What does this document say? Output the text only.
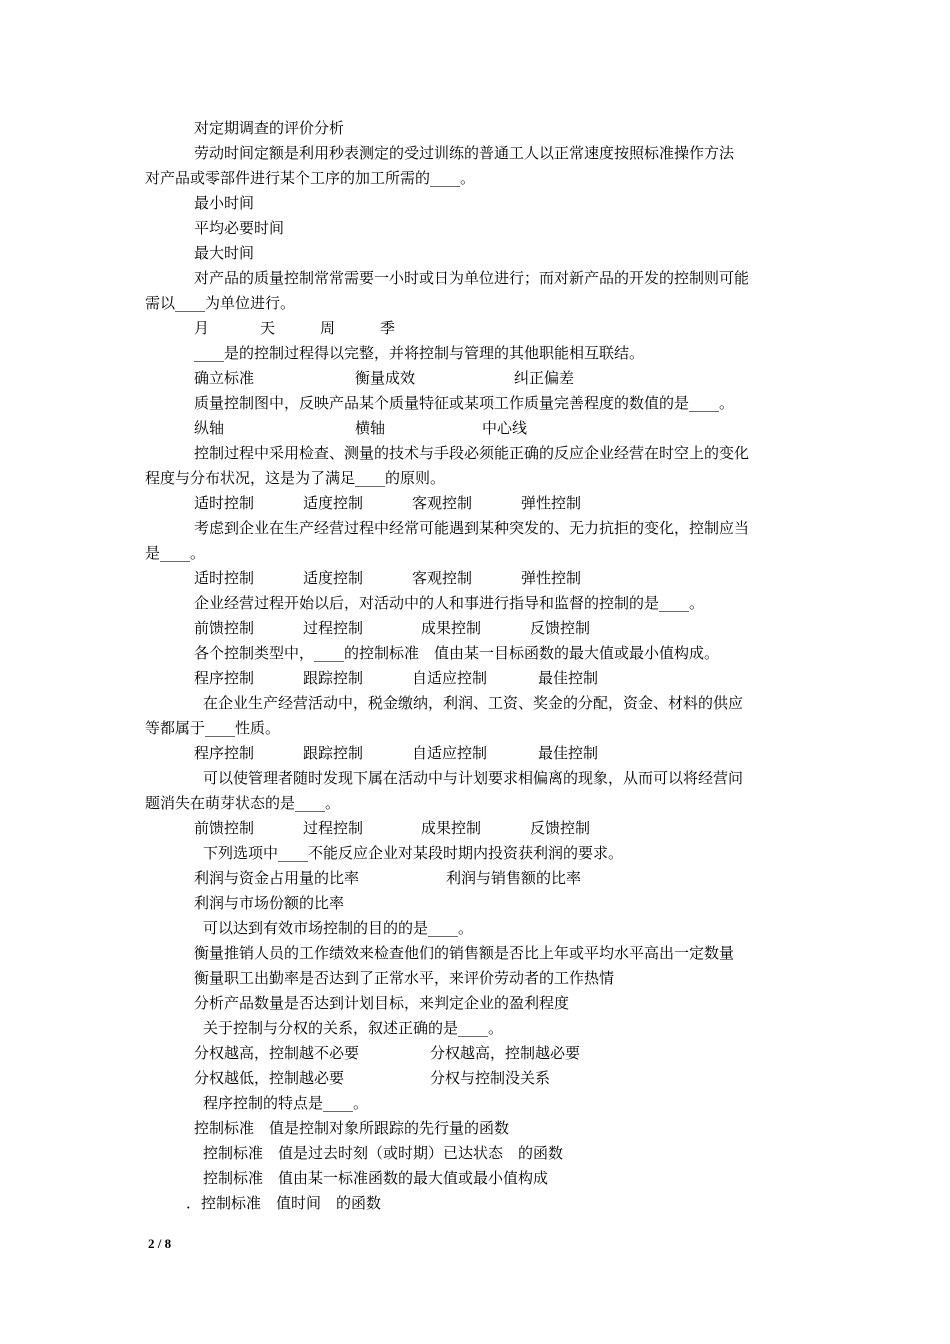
对定期调查的评价分析
劳动时间定额是利用秒表测定的受过训练的普通工人以正常速度按照标准操作方法
对产品或零部件进行某个工序的加工所需的____。
最小时间
平均必要时间
最大时间
对产品的质量控制常常需要一小时或日为单位进行；而对新产品的开发的控制则可能
需以____为单位进行。
月	天	周	季
____是的控制过程得以完整，并将控制与管理的其他职能相互联结。
确立标准	衡量成效	纠正偏差
质量控制图中，反映产品某个质量特征或某项工作质量完善程度的数值的是____。
纵轴	横轴	中心线
控制过程中采用检查、测量的技术与手段必须能正确的反应企业经营在时空上的变化
程度与分布状况，这是为了满足____的原则。
适时控制	适度控制	客观控制	弹性控制
考虑到企业在生产经营过程中经常可能遇到某种突发的、无力抗拒的变化，控制应当
是____。
适时控制	适度控制	客观控制	弹性控制
企业经营过程开始以后，对活动中的人和事进行指导和监督的控制的是____。
前馈控制	过程控制	成果控制	反馈控制
各个控制类型中，____的控制标准　值由某一目标函数的最大值或最小值构成。
程序控制	跟踪控制	自适应控制	最佳控制
在企业生产经营活动中，税金缴纳，利润、工资、奖金的分配，资金、材料的供应
等都属于____性质。
程序控制	跟踪控制	自适应控制	最佳控制
可以使管理者随时发现下属在活动中与计划要求相偏离的现象，从而可以将经营问
题消失在萌芽状态的是____。
前馈控制	过程控制	成果控制	反馈控制
下列选项中____不能反应企业对某段时期内投资获利润的要求。
利润与资金占用量的比率	利润与销售额的比率
利润与市场份额的比率
可以达到有效市场控制的目的的是____。
衡量推销人员的工作绩效来检查他们的销售额是否比上年或平均水平高出一定数量
衡量职工出勤率是否达到了正常水平，来评价劳动者的工作热情
分析产品数量是否达到计划目标，来判定企业的盈利程度
关于控制与分权的关系，叙述正确的是____。
分权越高，控制越不必要	分权越高，控制越必要
分权越低，控制越必要	分权与控制没关系
程序控制的特点是____。
控制标准　值是控制对象所跟踪的先行量的函数
控制标准　值是过去时刻（或时期）已达状态　的函数
控制标准　值由某一标准函数的最大值或最小值构成
．控制标准　值时间　的函数
2 / 8
